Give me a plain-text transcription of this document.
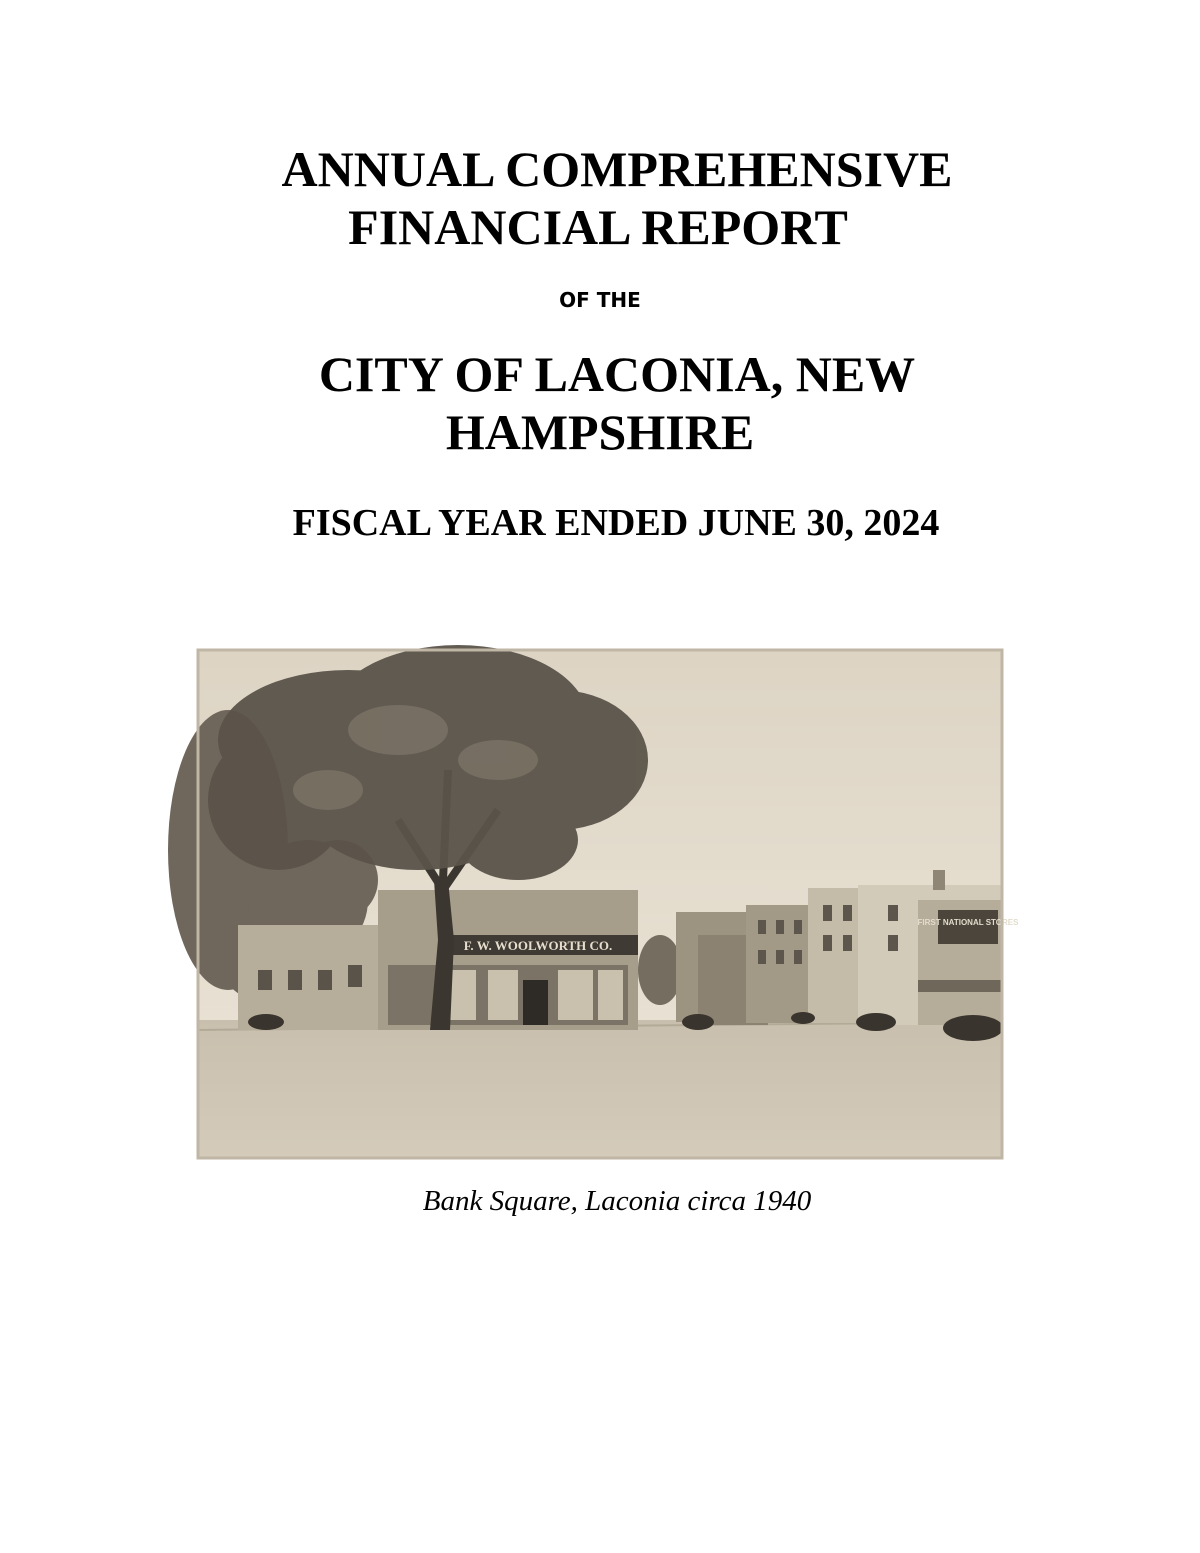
ANNUAL COMPREHENSIVE
FINANCIAL REPORT
OF THE
CITY OF LACONIA, NEW
HAMPSHIRE
FISCAL YEAR ENDED JUNE 30, 2024
F. W. WOOLWORTH CO.
FIRST NATIONAL STORES
Bank Square, Laconia circa 1940
